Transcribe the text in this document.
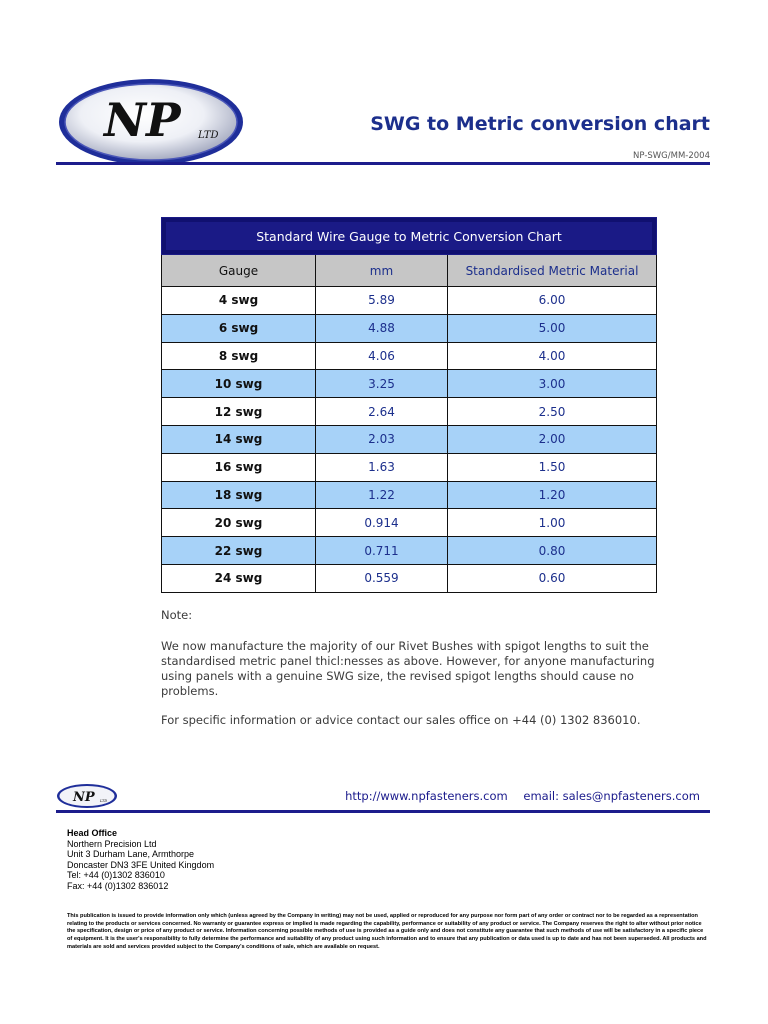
NP LTD
SWG to Metric conversion chart
NP-SWG/MM-2004
Standard Wire Gauge to Metric Conversion Chart		
Gauge	mm	Standardised Metric Material
4 swg	5.89	6.00
6 swg	4.88	5.00
8 swg	4.06	4.00
10 swg	3.25	3.00
12 swg	2.64	2.50
14 swg	2.03	2.00
16 swg	1.63	1.50
18 swg	1.22	1.20
20 swg	0.914	1.00
22 swg	0.711	0.80
24 swg	0.559	0.60

Note:

We now manufacture the majority of our Rivet Bushes with spigot lengths to suit the standardised metric panel thicl:nesses as above. However, for anyone manufacturing using panels with a genuine SWG size, the revised spigot lengths should cause no problems.

For specific information or advice contact our sales office on +44 (0) 1302 836010.

NP	LTD	http://www.npfasteners.com email: sales@npfasteners.com
Head Office
Northern Precision Ltd
Unit 3 Durham Lane, Armthorpe
Doncaster DN3 3FE United Kingdom
Tel: +44 (0)1302 836010
Fax: +44 (0)1302 836012
This publication is issued to provide information only which (unless agreed by the Company in writing) may not be used, applied or reproduced for any purpose nor form part of any order or contract nor to be regarded as a representation relating to the products or services concerned. No warranty or guarantee express or implied is made regarding the capability, performance or suitability of any product or service. The Company reserves the right to alter without prior notice the specification, design or price of any product or service. Information concerning possible methods of use is provided as a guide only and does not constitute any guarantee that such methods of use will be satisfactory in a specific piece of equipment. It is the user's responsibility to fully determine the performance and suitability of any product using such information and to ensure that any publication or data used is up to date and has not been superseded. All products and materials are sold and services provided subject to the Company's conditions of sale, which are available on request.
